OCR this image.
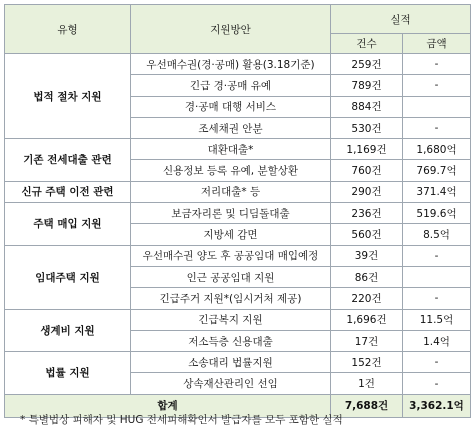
유형	지원방안	실적	
		건수	금액
법적 절차 지원	우선매수권(경·공매) 활용(3.18기준)	259건	-
	긴급 경·공매 유예	789건	-
	경·공매 대행 서비스	884건	
	조세채권 안분	530건	-
기존 전세대출 관련	대환대출*	1,169건	1,680억
	신용정보 등록 유예, 분할상환	760건	769.7억
신규 주택 이전 관련	저리대출* 등	290건	371.4억
주택 매입 지원	보금자리론 및 디딤돌대출	236건	519.6억
	지방세 감면	560건	8.5억
임대주택 지원	우선매수권 양도 후 공공임대 매입예정	39건	-
	인근 공공임대 지원	86건	
	긴급주거 지원*(임시거처 제공)	220건	-
생계비 지원	긴급복지 지원	1,696건	11.5억
	저소득층 신용대출	17건	1.4억
법률 지원	소송대리 법률지원	152건	-
	상속재산관리인 선임	1건	-
합계		7,688건	3,362.1억
* 특별법상 피해자 및 HUG 전세피해확인서 발급자를 모두 포함한 실적
